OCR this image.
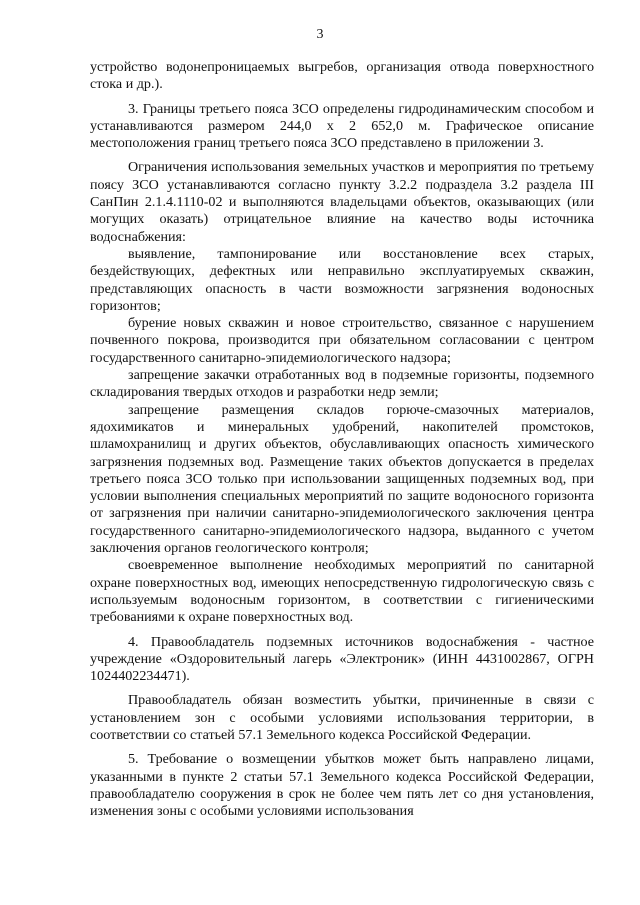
3

устройство водонепроницаемых выгребов, организация отвода поверхностного стока и др.).

3. Границы третьего пояса ЗСО определены гидродинамическим способом и устанавливаются размером 244,0 х 2 652,0 м. Графическое описание местоположения границ третьего пояса ЗСО представлено в приложении 3.

Ограничения использования земельных участков и мероприятия по третьему поясу ЗСО устанавливаются согласно пункту 3.2.2 подраздела 3.2 раздела III СанПин 2.1.4.1110-02 и выполняются владельцами объектов, оказывающих (или могущих оказать) отрицательное влияние на качество воды источника водоснабжения:

выявление, тампонирование или восстановление всех старых, бездействующих, дефектных или неправильно эксплуатируемых скважин, представляющих опасность в части возможности загрязнения водоносных горизонтов;

бурение новых скважин и новое строительство, связанное с нарушением почвенного покрова, производится при обязательном согласовании с центром государственного санитарно-эпидемиологического надзора;

запрещение закачки отработанных вод в подземные горизонты, подземного складирования твердых отходов и разработки недр земли;

запрещение размещения складов горюче-смазочных материалов, ядохимикатов и минеральных удобрений, накопителей промстоков, шламохранилищ и других объектов, обуславливающих опасность химического загрязнения подземных вод. Размещение таких объектов допускается в пределах третьего пояса ЗСО только при использовании защищенных подземных вод, при условии выполнения специальных мероприятий по защите водоносного горизонта от загрязнения при наличии санитарно-эпидемиологического заключения центра государственного санитарно-эпидемиологического надзора, выданного с учетом заключения органов геологического контроля;

своевременное выполнение необходимых мероприятий по санитарной охране поверхностных вод, имеющих непосредственную гидрологическую связь с используемым водоносным горизонтом, в соответствии с гигиеническими требованиями к охране поверхностных вод.

4. Правообладатель подземных источников водоснабжения - частное учреждение «Оздоровительный лагерь «Электроник» (ИНН 4431002867, ОГРН 1024402234471).

Правообладатель обязан возместить убытки, причиненные в связи с установлением зон с особыми условиями использования территории, в соответствии со статьей 57.1 Земельного кодекса Российской Федерации.

5. Требование о возмещении убытков может быть направлено лицами, указанными в пункте 2 статьи 57.1 Земельного кодекса Российской Федерации, правообладателю сооружения в срок не более чем пять лет со дня установления, изменения зоны с особыми условиями использования
